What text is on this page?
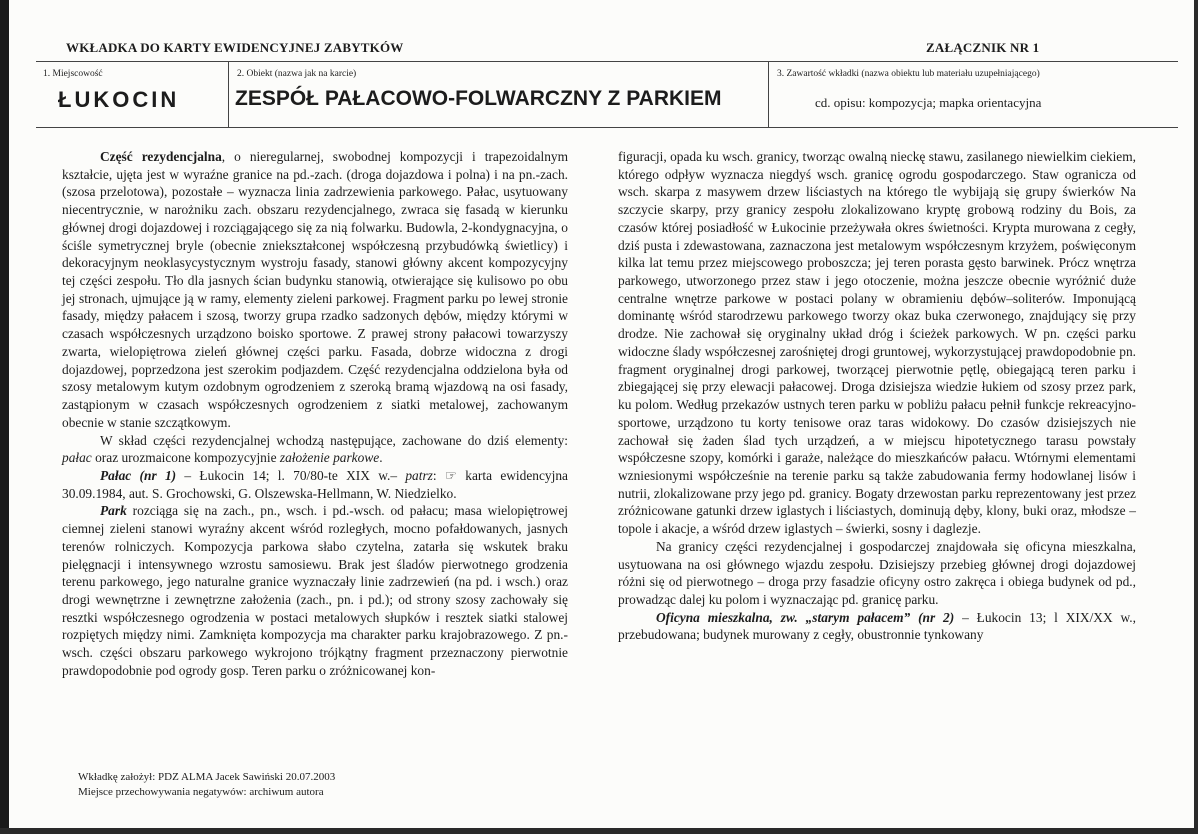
WKŁADKA DO KARTY EWIDENCYJNEJ ZABYTKÓW	ZAŁĄCZNIK NR 1
1. Miejscowość
ŁUKOCIN
2. Obiekt (nazwa jak na karcie)
ZESPÓŁ PAŁACOWO-FOLWARCZNY Z PARKIEM
3. Zawartość wkładki (nazwa obiektu lub materiału uzupełniającego)
cd. opisu: kompozycja; mapka orientacyjna

Część rezydencjalna, o nieregularnej, swobodnej kompozycji i trapezoidalnym kształcie, ujęta jest w wyraźne granice na pd.-zach. (droga dojazdowa i polna) i na pn.-zach. (szosa przelotowa), pozostałe – wyznacza linia zadrzewienia parkowego. Pałac, usytuowany niecentrycznie, w narożniku zach. obszaru rezydencjalnego, zwraca się fasadą w kierunku głównej drogi dojazdowej i rozciągającego się za nią folwarku. Budowla, 2-kondygnacyjna, o ściśle symetrycznej bryle (obecnie zniekształconej współczesną przybudówką świetlicy) i dekoracyjnym neoklasycystycznym wystroju fasady, stanowi główny akcent kompozycyjny tej części zespołu. Tło dla jasnych ścian budynku stanowią, otwierające się kulisowo po obu jej stronach, ujmujące ją w ramy, elementy zieleni parkowej. Fragment parku po lewej stronie fasady, między pałacem i szosą, tworzy grupa rzadko sadzonych dębów, między którymi w czasach współczesnych urządzono boisko sportowe. Z prawej strony pałacowi towarzyszy zwarta, wielopiętrowa zieleń głównej części parku. Fasada, dobrze widoczna z drogi dojazdowej, poprzedzona jest szerokim podjazdem. Część rezydencjalna oddzielona była od szosy metalowym kutym ozdobnym ogrodzeniem z szeroką bramą wjazdową na osi fasady, zastąpionym w czasach współczesnych ogrodzeniem z siatki metalowej, zachowanym obecnie w stanie szczątkowym.

W skład części rezydencjalnej wchodzą następujące, zachowane do dziś elementy: pałac oraz urozmaicone kompozycyjnie założenie parkowe.

Pałac (nr 1) – Łukocin 14; l. 70/80-te XIX w.– patrz: ☞ karta ewidencyjna 30.09.1984, aut. S. Grochowski, G. Olszewska-Hellmann, W. Niedzielko.

Park rozciąga się na zach., pn., wsch. i pd.-wsch. od pałacu; masa wielopiętrowej ciemnej zieleni stanowi wyraźny akcent wśród rozległych, mocno pofałdowanych, jasnych terenów rolniczych. Kompozycja parkowa słabo czytelna, zatarła się wskutek braku pielęgnacji i intensywnego wzrostu samosiewu. Brak jest śladów pierwotnego grodzenia terenu parkowego, jego naturalne granice wyznaczały linie zadrzewień (na pd. i wsch.) oraz drogi wewnętrzne i zewnętrzne założenia (zach., pn. i pd.); od strony szosy zachowały się resztki współczesnego ogrodzenia w postaci metalowych słupków i resztek siatki stalowej rozpiętych między nimi. Zamknięta kompozycja ma charakter parku krajobrazowego. Z pn.-wsch. części obszaru parkowego wykrojono trójkątny fragment przeznaczony pierwotnie prawdopodobnie pod ogrody gosp. Teren parku o zróżnicowanej kon-

figuracji, opada ku wsch. granicy, tworząc owalną nieckę stawu, zasilanego niewielkim ciekiem, którego odpływ wyznacza niegdyś wsch. granicę ogrodu gospodarczego. Staw ogranicza od wsch. skarpa z masywem drzew liściastych na którego tle wybijają się grupy świerków Na szczycie skarpy, przy granicy zespołu zlokalizowano kryptę grobową rodziny du Bois, za czasów której posiadłość w Łukocinie przeżywała okres świetności. Krypta murowana z cegły, dziś pusta i zdewastowana, zaznaczona jest metalowym współczesnym krzyżem, poświęconym kilka lat temu przez miejscowego proboszcza; jej teren porasta gęsto barwinek. Prócz wnętrza parkowego, utworzonego przez staw i jego otoczenie, można jeszcze obecnie wyróżnić duże centralne wnętrze parkowe w postaci polany w obramieniu dębów–soliterów. Imponującą dominantę wśród starodrzewu parkowego tworzy okaz buka czerwonego, znajdujący się przy drodze. Nie zachował się oryginalny układ dróg i ścieżek parkowych. W pn. części parku widoczne ślady współczesnej zarośniętej drogi gruntowej, wykorzystującej prawdopodobnie pn. fragment oryginalnej drogi parkowej, tworzącej pierwotnie pętlę, obiegającą teren parku i zbiegającej się przy elewacji pałacowej. Droga dzisiejsza wiedzie łukiem od szosy przez park, ku polom. Według przekazów ustnych teren parku w pobliżu pałacu pełnił funkcje rekreacyjno-sportowe, urządzono tu korty tenisowe oraz taras widokowy. Do czasów dzisiejszych nie zachował się żaden ślad tych urządzeń, a w miejscu hipotetycznego tarasu powstały współczesne szopy, komórki i garaże, należące do mieszkańców pałacu. Wtórnymi elementami wzniesionymi współcześnie na terenie parku są także zabudowania fermy hodowlanej lisów i nutrii, zlokalizowane przy jego pd. granicy. Bogaty drzewostan parku reprezentowany jest przez zróżnicowane gatunki drzew iglastych i liściastych, dominują dęby, klony, buki oraz, młodsze – topole i akacje, a wśród drzew iglastych – świerki, sosny i daglezje.

Na granicy części rezydencjalnej i gospodarczej znajdowała się oficyna mieszkalna, usytuowana na osi głównego wjazdu zespołu. Dzisiejszy przebieg głównej drogi dojazdowej różni się od pierwotnego – droga przy fasadzie oficyny ostro zakręca i obiega budynek od pd., prowadząc dalej ku polom i wyznaczając pd. granicę parku.

Oficyna mieszkalna, zw. „starym pałacem” (nr 2) – Łukocin 13; l XIX/XX w., przebudowana; budynek murowany z cegły, obustronnie tynkowany

Wkładkę założył: PDZ ALMA Jacek Sawiński 20.07.2003
Miejsce przechowywania negatywów: archiwum autora
